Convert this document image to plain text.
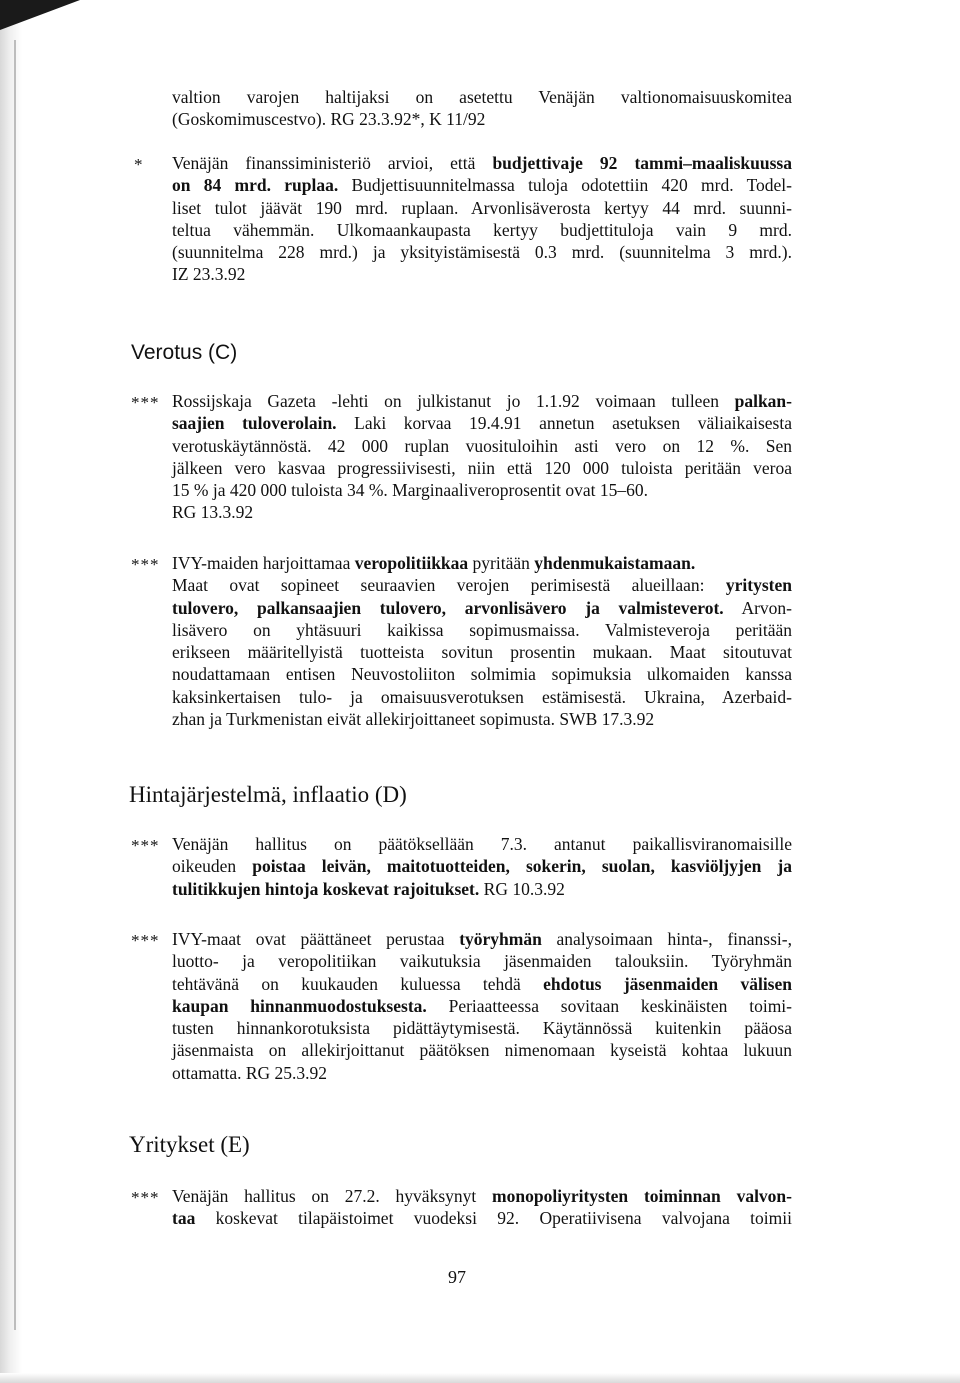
valtion varojen haltijaksi on asetettu Venäjän valtionomaisuuskomitea
(Goskomimuscestvo). RG 23.3.92*, K 11/92
* Venäjän finanssiministeriö arvioi, että budjettivaje 92 tammi–maaliskuussa
on 84 mrd. ruplaa. Budjettisuunnitelmassa tuloja odotettiin 420 mrd. Todel-
liset tulot jäävät 190 mrd. ruplaan. Arvonlisäverosta kertyy 44 mrd. suunni-
teltua vähemmän. Ulkomaankaupasta kertyy budjettituloja vain 9 mrd.
(suunnitelma 228 mrd.) ja yksityistämisestä 0.3 mrd. (suunnitelma 3 mrd.).
IZ 23.3.92
Verotus (C)
*** Rossijskaja Gazeta -lehti on julkistanut jo 1.1.92 voimaan tulleen palkan-
saajien tuloverolain. Laki korvaa 19.4.91 annetun asetuksen väliaikaisesta
verotuskäytännöstä. 42 000 ruplan vuosituloihin asti vero on 12 %. Sen
jälkeen vero kasvaa progressiivisesti, niin että 120 000 tuloista peritään veroa
15 % ja 420 000 tuloista 34 %. Marginaaliveroprosentit ovat 15–60.
RG 13.3.92
*** IVY-maiden harjoittamaa veropolitiikkaa pyritään yhdenmukaistamaan.
Maat ovat sopineet seuraavien verojen perimisestä alueillaan: yritysten
tulovero, palkansaajien tulovero, arvonlisävero ja valmisteverot. Arvon-
lisävero on yhtäsuuri kaikissa sopimusmaissa. Valmisteveroja peritään
erikseen määritellyistä tuotteista sovitun prosentin mukaan. Maat sitoutuvat
noudattamaan entisen Neuvostoliiton solmimia sopimuksia ulkomaiden kanssa
kaksinkertaisen tulo- ja omaisuusverotuksen estämisestä. Ukraina, Azerbaid-
zhan ja Turkmenistan eivät allekirjoittaneet sopimusta. SWB 17.3.92
Hintajärjestelmä, inflaatio (D)
*** Venäjän hallitus on päätöksellään 7.3. antanut paikallisviranomaisille
oikeuden poistaa leivän, maitotuotteiden, sokerin, suolan, kasviöljyjen ja
tulitikkujen hintoja koskevat rajoitukset. RG 10.3.92
*** IVY-maat ovat päättäneet perustaa työryhmän analysoimaan hinta-, finanssi-,
luotto- ja veropolitiikan vaikutuksia jäsenmaiden talouksiin. Työryhmän
tehtävänä on kuukauden kuluessa tehdä ehdotus jäsenmaiden välisen
kaupan hinnanmuodostuksesta. Periaatteessa sovitaan keskinäisten toimi-
tusten hinnankorotuksista pidättäytymisestä. Käytännössä kuitenkin pääosa
jäsenmaista on allekirjoittanut päätöksen nimenomaan kyseistä kohtaa lukuun
ottamatta. RG 25.3.92
Yritykset (E)
*** Venäjän hallitus on 27.2. hyväksynyt monopoliyritysten toiminnan valvon-
taa koskevat tilapäistoimet vuodeksi 92. Operatiivisena valvojana toimii
97
